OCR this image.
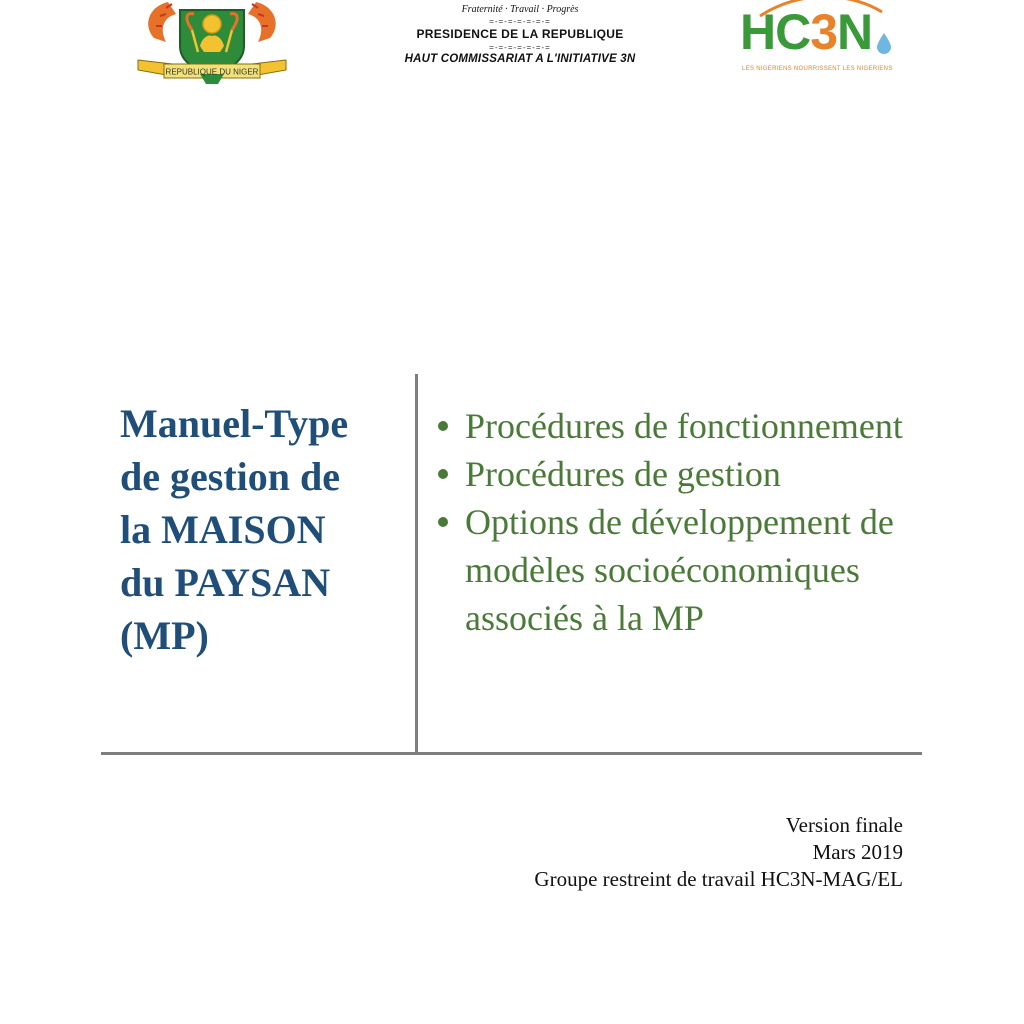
REPUBLIQUE DU NIGER
Fraternité · Travail · Progrès
=-=-=-=-=-=-=
PRESIDENCE DE LA REPUBLIQUE
=-=-=-=-=-=-=
HAUT COMMISSARIAT A L'INITIATIVE 3N	HC3N
LES NIGERIENS NOURRISSENT LES NIGERIENS
Manuel-Type
de gestion de
la MAISON
du PAYSAN
(MP)
Procédures de fonctionnement
Procédures de gestion
Options de développement de modèles socioéconomiques associés à la MP
Version finale
Mars 2019
Groupe restreint de travail HC3N-MAG/EL
